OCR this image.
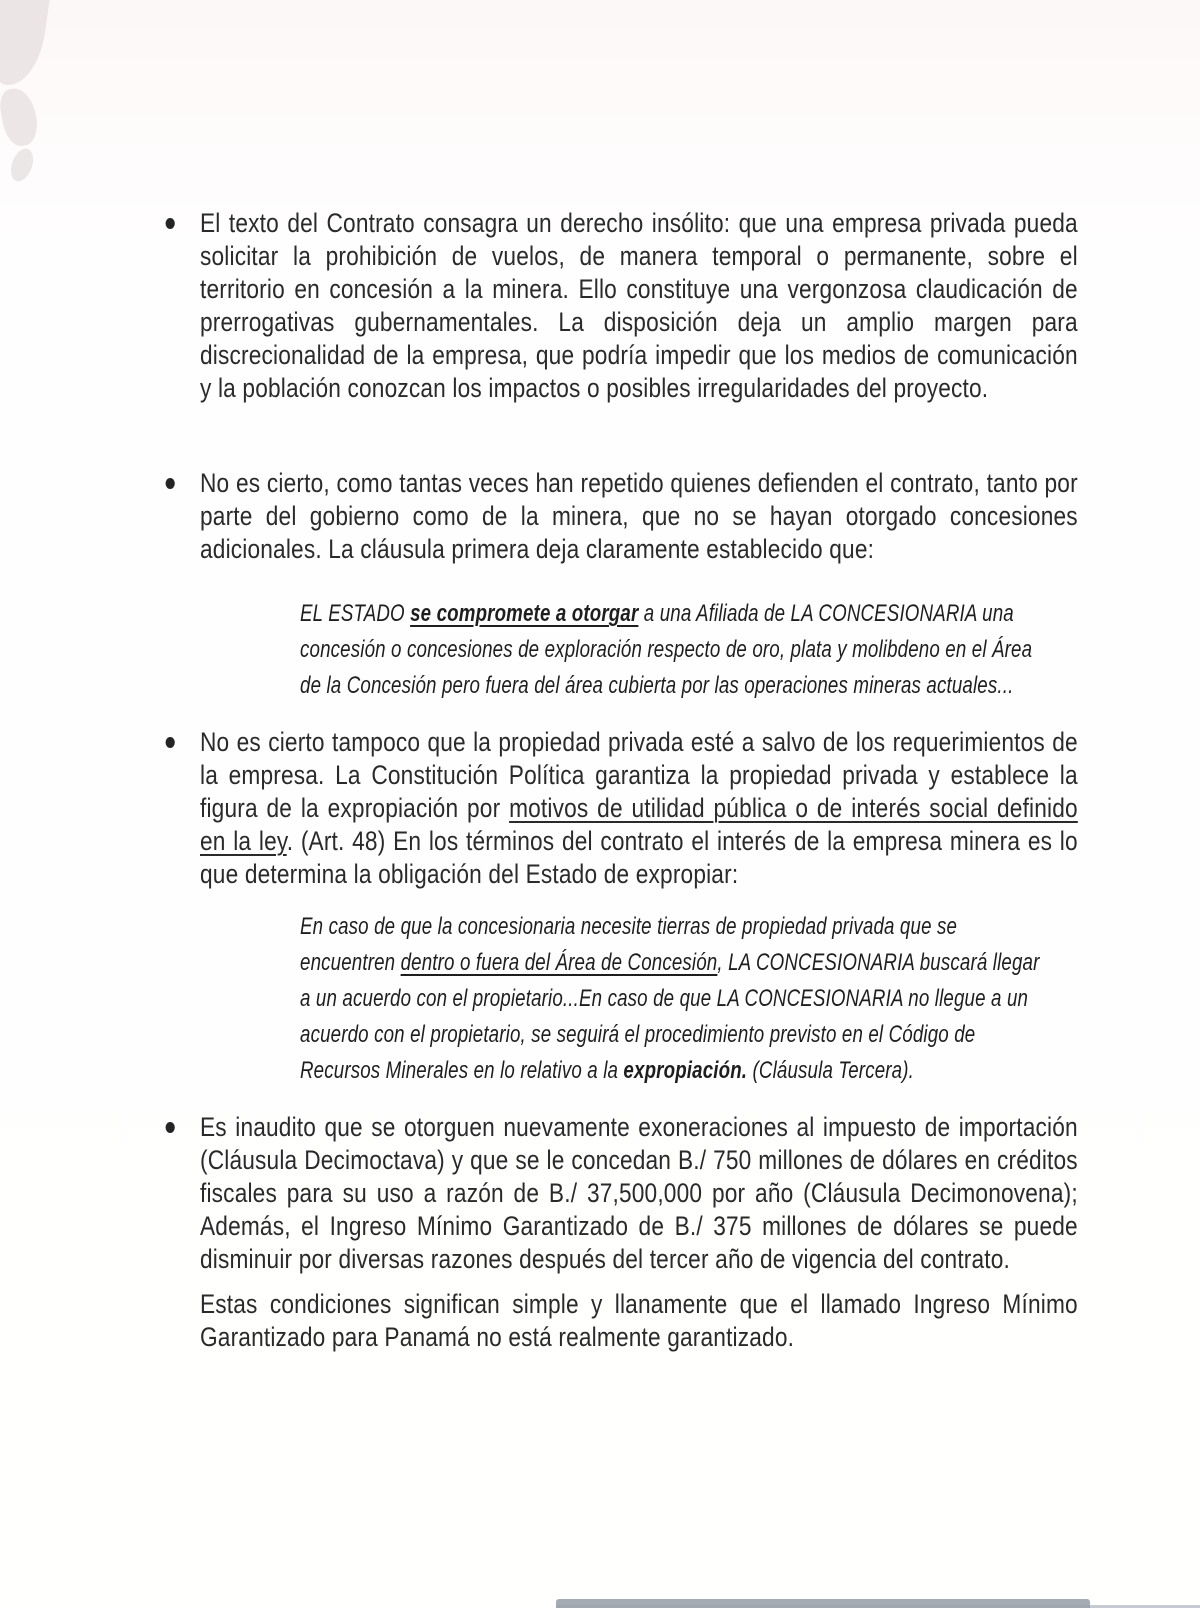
El texto del Contrato consagra un derecho insólito: que una empresa privada pueda solicitar la prohibición de vuelos, de manera temporal o permanente, sobre el territorio en concesión a la minera. Ello constituye una vergonzosa claudicación de prerrogativas gubernamentales. La disposición deja un amplio margen para discrecionalidad de la empresa, que podría impedir que los medios de comunicación y la población conozcan los impactos o posibles irregularidades del proyecto.

No es cierto, como tantas veces han repetido quienes defienden el contrato, tanto por parte del gobierno como de la minera, que no se hayan otorgado concesiones adicionales. La cláusula primera deja claramente establecido que:

EL ESTADO se compromete a otorgar a una Afiliada de LA CONCESIONARIA una concesión o concesiones de exploración respecto de oro, plata y molibdeno en el Área de la Concesión pero fuera del área cubierta por las operaciones mineras actuales...

No es cierto tampoco que la propiedad privada esté a salvo de los requerimientos de la empresa. La Constitución Política garantiza la propiedad privada y establece la figura de la expropiación por motivos de utilidad pública o de interés social definido en la ley. (Art. 48) En los términos del contrato el interés de la empresa minera es lo que determina la obligación del Estado de expropiar:

En caso de que la concesionaria necesite tierras de propiedad privada que se encuentren dentro o fuera del Área de Concesión, LA CONCESIONARIA buscará llegar a un acuerdo con el propietario...En caso de que LA CONCESIONARIA no llegue a un acuerdo con el propietario, se seguirá el procedimiento previsto en el Código de Recursos Minerales en lo relativo a la expropiación. (Cláusula Tercera).

Es inaudito que se otorguen nuevamente exoneraciones al impuesto de importación (Cláusula Decimoctava) y que se le concedan B./ 750 millones de dólares en créditos fiscales para su uso a razón de B./ 37,500,000 por año (Cláusula Decimonovena); Además, el Ingreso Mínimo Garantizado de B./ 375 millones de dólares se puede disminuir por diversas razones después del tercer año de vigencia del contrato.

Estas condiciones significan simple y llanamente que el llamado Ingreso Mínimo Garantizado para Panamá no está realmente garantizado.
